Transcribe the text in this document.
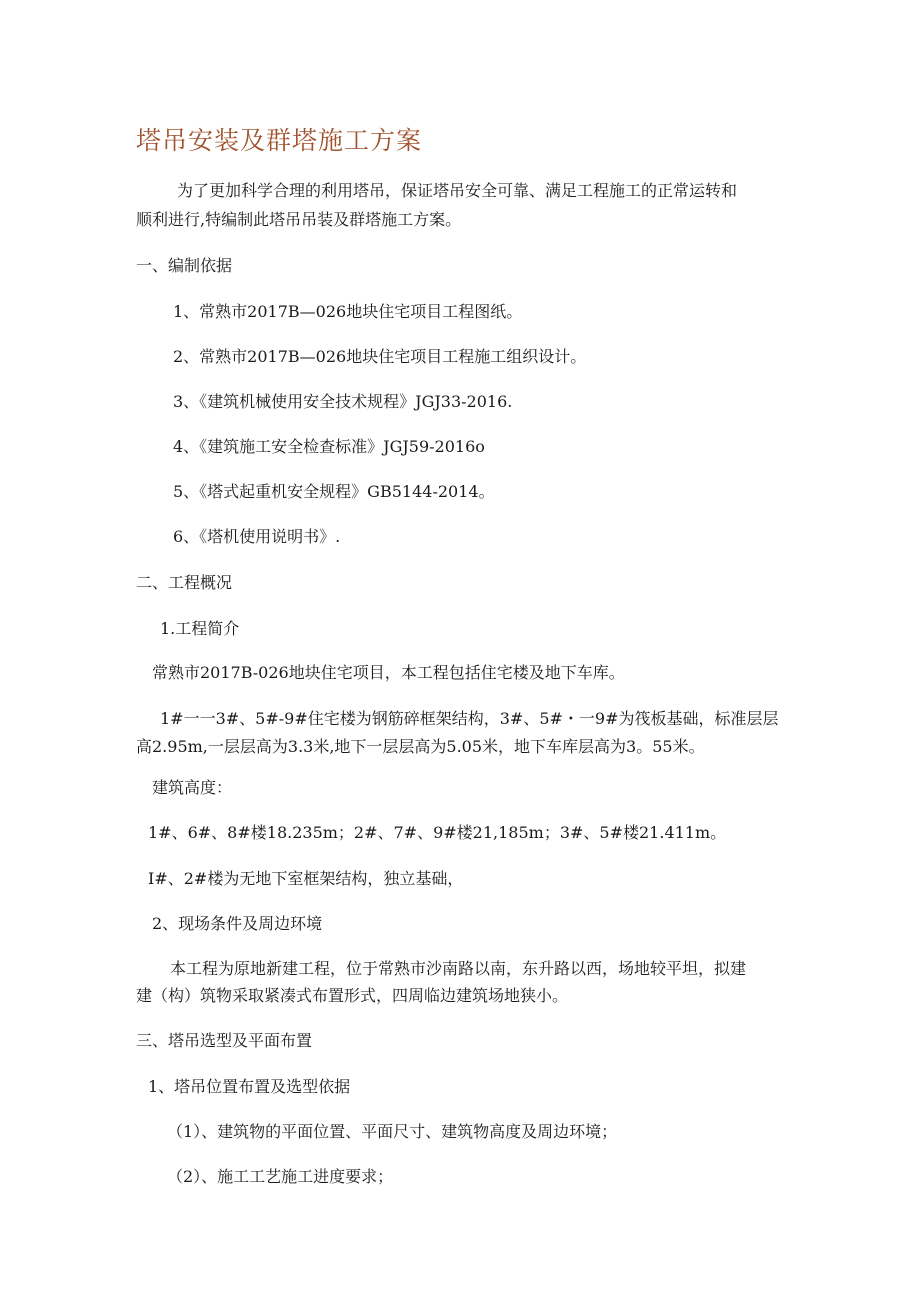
塔吊安装及群塔施工方案
为了更加科学合理的利用塔吊，保证塔吊安全可靠、满足工程施工的正常运转和
顺利进行,特编制此塔吊吊装及群塔施工方案。
一、编制依据
1、常熟市2017B—026地块住宅项目工程图纸。
2、常熟市2017B—026地块住宅项目工程施工组织设计。
3、《建筑机械使用安全技术规程》JGJ33-2016.
4、《建筑施工安全检查标准》JGJ59-2016o
5、《塔式起重机安全规程》GB5144-2014。
6、《塔机使用说明书》.
二、工程概况
1.工程简介
常熟市2017B-026地块住宅项目，本工程包括住宅楼及地下车库。
1#一一3#、5#-9#住宅楼为钢筋碎框架结构，3#、5#・一9#为筏板基础，标准层层
高2.95m,一层层高为3.3米,地下一层层高为5.05米，地下车库层高为3。55米。
建筑高度：
1#、6#、8#楼18.235m；2#、7#、9#楼21,185m；3#、5#楼21.411m。
I#、2#楼为无地下室框架结构，独立基础，
2、现场条件及周边环境
本工程为原地新建工程，位于常熟市沙南路以南，东升路以西，场地较平坦，拟建
建（构）筑物采取紧凑式布置形式，四周临边建筑场地狭小。
三、塔吊选型及平面布置
1、塔吊位置布置及选型依据
（1）、建筑物的平面位置、平面尺寸、建筑物高度及周边环境；
（2）、施工工艺施工进度要求；
